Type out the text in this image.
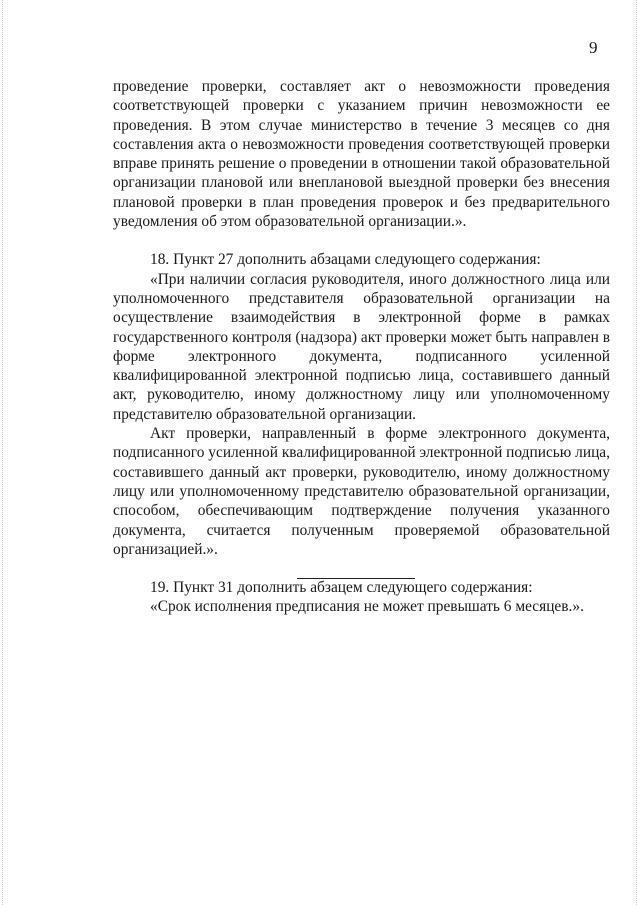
9

проведение проверки, составляет акт о невозможности проведения соответствующей проверки с указанием причин невозможности ее проведения. В этом случае министерство в течение 3 месяцев со дня составления акта о невозможности проведения соответствующей проверки вправе принять решение о проведении в отношении такой образовательной организации плановой или внеплановой выездной проверки без внесения плановой проверки в план проведения проверок и без предварительного уведомления об этом образовательной организации.».

18. Пункт 27 дополнить абзацами следующего содержания:

«При наличии согласия руководителя, иного должностного лица или уполномоченного представителя образовательной организации на осуществление взаимодействия в электронной форме в рамках государственного контроля (надзора) акт проверки может быть направлен в форме электронного документа, подписанного усиленной квалифицированной электронной подписью лица, составившего данный акт, руководителю, иному должностному лицу или уполномоченному представителю образовательной организации.

Акт проверки, направленный в форме электронного документа, подписанного усиленной квалифицированной электронной подписью лица, составившего данный акт проверки, руководителю, иному должностному лицу или уполномоченному представителю образовательной организации, способом, обеспечивающим подтверждение получения указанного документа, считается полученным проверяемой образовательной организацией.».

19. Пункт 31 дополнить абзацем следующего содержания:

«Срок исполнения предписания не может превышать 6 месяцев.».
